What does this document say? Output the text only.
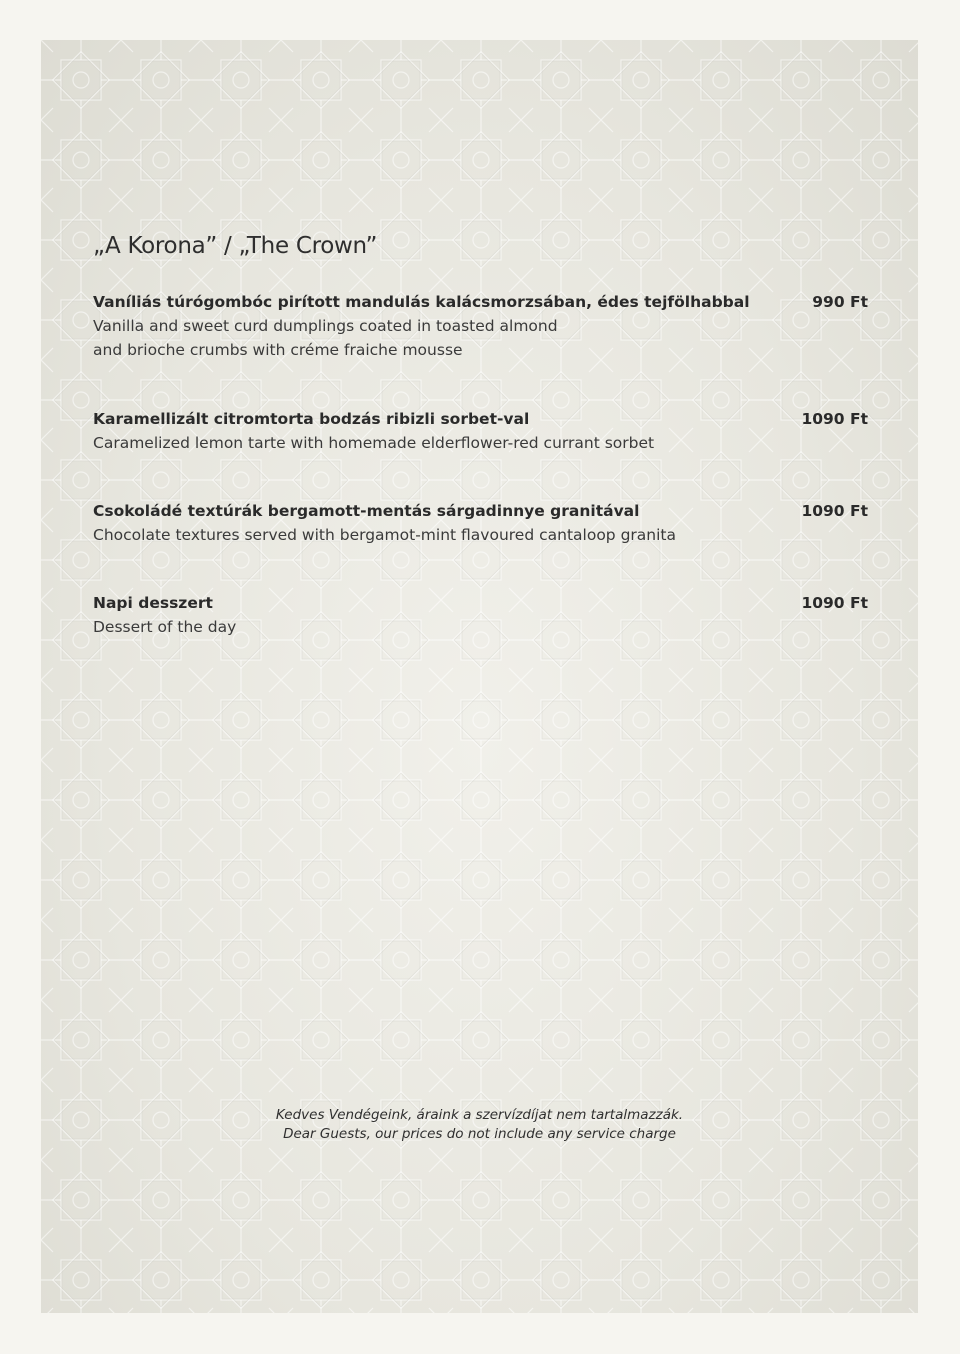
„A Korona” / „The Crown”
Vaníliás túrógombóc pirított mandulás kalácsmorzsában, édes tejfölhabbal
Vanilla and sweet curd dumplings coated in toasted almond
and brioche crumbs with créme fraiche mousse
990 Ft
Karamellizált citromtorta bodzás ribizli sorbet-val
Caramelized lemon tarte with homemade elderflower-red currant sorbet
1090 Ft
Csokoládé textúrák bergamott-mentás sárgadinnye granitával
Chocolate textures served with bergamot-mint flavoured cantaloop granita
1090 Ft
Napi desszert
Dessert of the day
1090 Ft
Kedves Vendégeink, áraink a szervízdíjat nem tartalmazzák.
Dear Guests, our prices do not include any service charge
